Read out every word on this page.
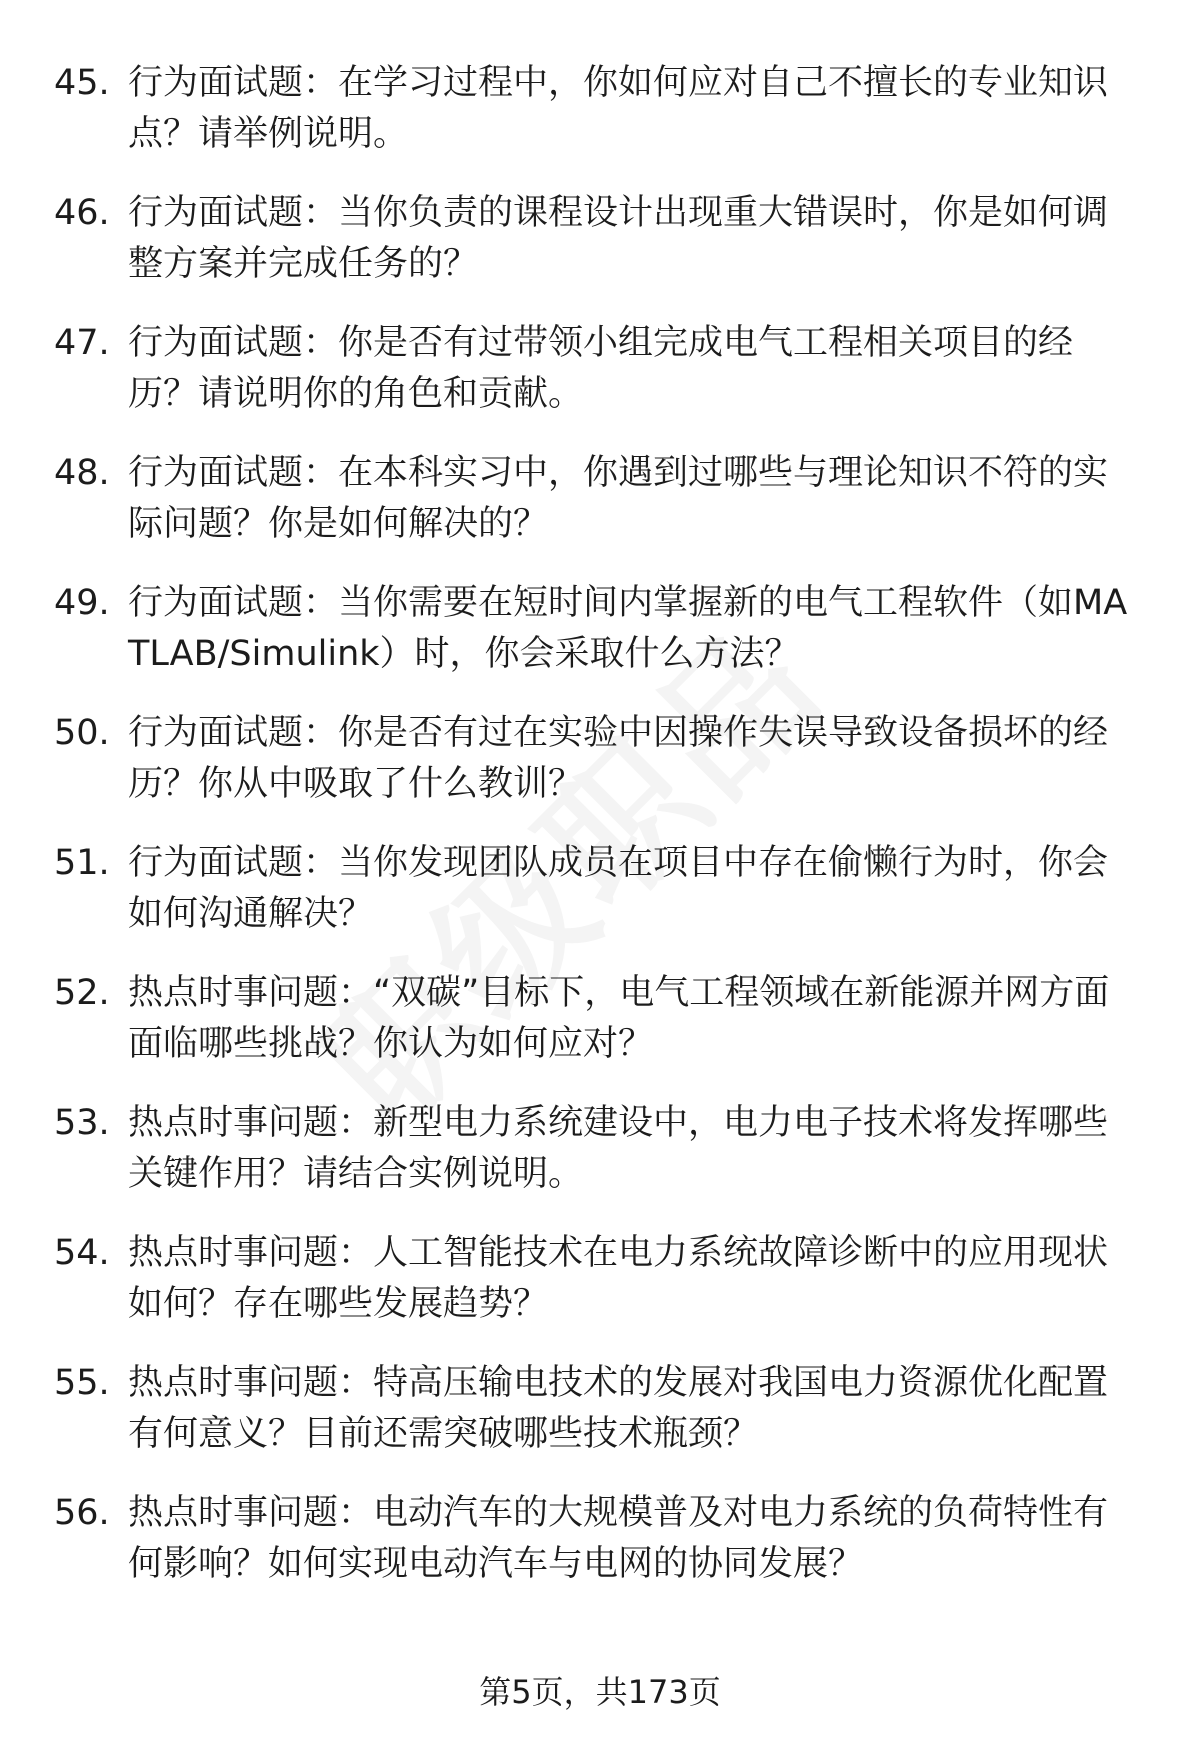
45. 行为面试题：在学习过程中，你如何应对自己不擅长的专业知识点？请举例说明。
46. 行为面试题：当你负责的课程设计出现重大错误时，你是如何调整方案并完成任务的？
47. 行为面试题：你是否有过带领小组完成电气工程相关项目的经历？请说明你的角色和贡献。
48. 行为面试题：在本科实习中，你遇到过哪些与理论知识不符的实际问题？你是如何解决的？
49. 行为面试题：当你需要在短时间内掌握新的电气工程软件（如MATLAB/Simulink）时，你会采取什么方法？
50. 行为面试题：你是否有过在实验中因操作失误导致设备损坏的经历？你从中吸取了什么教训？
51. 行为面试题：当你发现团队成员在项目中存在偷懒行为时，你会如何沟通解决？
52. 热点时事问题：“双碳”目标下，电气工程领域在新能源并网方面面临哪些挑战？你认为如何应对？
53. 热点时事问题：新型电力系统建设中，电力电子技术将发挥哪些关键作用？请结合实例说明。
54. 热点时事问题：人工智能技术在电力系统故障诊断中的应用现状如何？存在哪些发展趋势？
55. 热点时事问题：特高压输电技术的发展对我国电力资源优化配置有何意义？目前还需突破哪些技术瓶颈？
56. 热点时事问题：电动汽车的大规模普及对电力系统的负荷特性有何影响？如何实现电动汽车与电网的协同发展？
第5页，共173页
